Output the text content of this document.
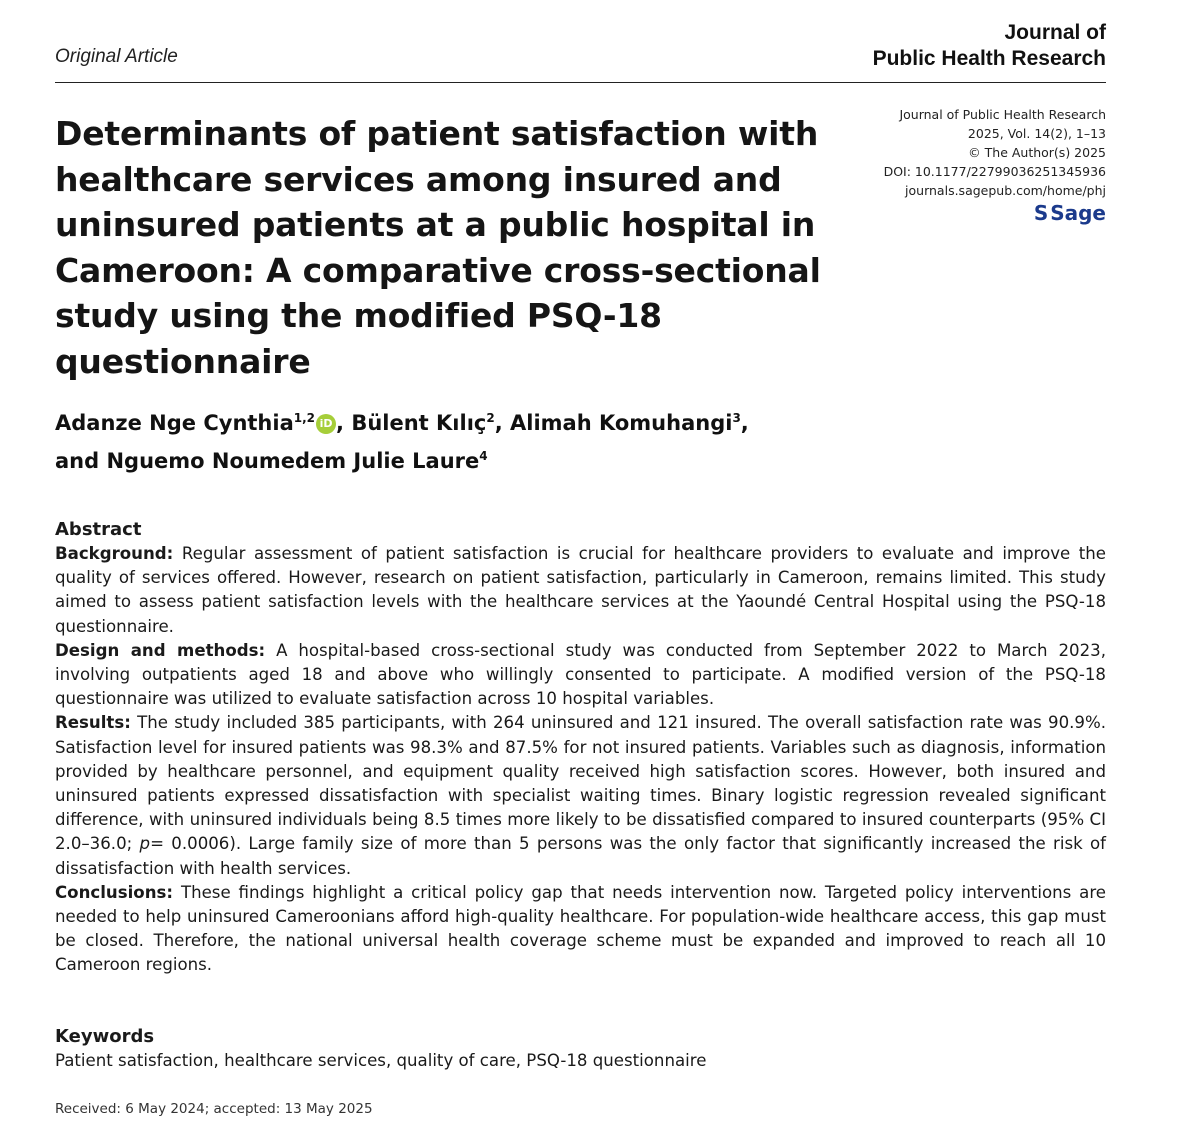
Original Article
Journal of
Public Health Research
Determinants of patient satisfaction with healthcare services among insured and uninsured patients at a public hospital in Cameroon: A comparative cross-sectional study using the modified PSQ-18 questionnaire
Journal of Public Health Research
2025, Vol. 14(2), 1–13
© The Author(s) 2025
DOI: 10.1177/22799036251345936
journals.sagepub.com/home/phj
S Sage
Adanze Nge Cynthia$^{1,2}$ iD , Bülent Kılıç$^2$, Alimah Komuhangi$^3$,
and Nguemo Noumedem Julie Laure$^4$
Abstract

Background: Regular assessment of patient satisfaction is crucial for healthcare providers to evaluate and improve the quality of services offered. However, research on patient satisfaction, particularly in Cameroon, remains limited. This study aimed to assess patient satisfaction levels with the healthcare services at the Yaoundé Central Hospital using the PSQ-18 questionnaire.

Design and methods: A hospital-based cross-sectional study was conducted from September 2022 to March 2023, involving outpatients aged 18 and above who willingly consented to participate. A modified version of the PSQ-18 questionnaire was utilized to evaluate satisfaction across 10 hospital variables.

Results: The study included 385 participants, with 264 uninsured and 121 insured. The overall satisfaction rate was 90.9%. Satisfaction level for insured patients was 98.3% and 87.5% for not insured patients. Variables such as diagnosis, information provided by healthcare personnel, and equipment quality received high satisfaction scores. However, both insured and uninsured patients expressed dissatisfaction with specialist waiting times. Binary logistic regression revealed significant difference, with uninsured individuals being 8.5 times more likely to be dissatisfied compared to insured counterparts (95% CI 2.0–36.0; p= 0.0006). Large family size of more than 5 persons was the only factor that significantly increased the risk of dissatisfaction with health services.

Conclusions: These findings highlight a critical policy gap that needs intervention now. Targeted policy interventions are needed to help uninsured Cameroonians afford high-quality healthcare. For population-wide healthcare access, this gap must be closed. Therefore, the national universal health coverage scheme must be expanded and improved to reach all 10 Cameroon regions.

Keywords

Patient satisfaction, healthcare services, quality of care, PSQ-18 questionnaire

Received: 6 May 2024; accepted: 13 May 2025
